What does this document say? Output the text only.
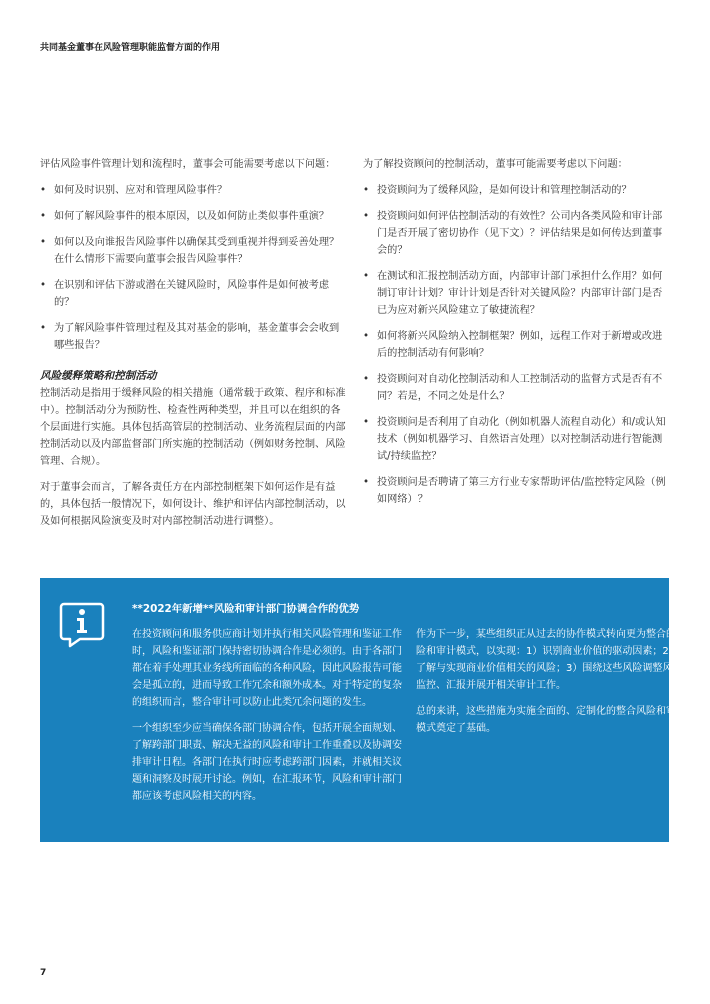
共同基金董事在风险管理职能监督方面的作用

评估风险事件管理计划和流程时，董事会可能需要考虑以下问题：

• 如何及时识别、应对和管理风险事件？
• 如何了解风险事件的根本原因，以及如何防止类似事件重演？
• 如何以及向谁报告风险事件以确保其受到重视并得到妥善处理？在什么情形下需要向董事会报告风险事件？
• 在识别和评估下游或潜在关键风险时，风险事件是如何被考虑的？
• 为了解风险事件管理过程及其对基金的影响，基金董事会会收到哪些报告？
风险缓释策略和控制活动

控制活动是指用于缓释风险的相关措施（通常载于政策、程序和标准中）。控制活动分为预防性、检查性两种类型，并且可以在组织的各个层面进行实施。具体包括高管层的控制活动、业务流程层面的内部控制活动以及内部监督部门所实施的控制活动（例如财务控制、风险管理、合规）。

对于董事会而言，了解各责任方在内部控制框架下如何运作是有益的，具体包括一般情况下，如何设计、维护和评估内部控制活动，以及如何根据风险演变及时对内部控制活动进行调整）。

为了解投资顾问的控制活动，董事可能需要考虑以下问题：

• 投资顾问为了缓释风险，是如何设计和管理控制活动的？
• 投资顾问如何评估控制活动的有效性？公司内各类风险和审计部门是否开展了密切协作（见下文）？评估结果是如何传达到董事会的？
• 在测试和汇报控制活动方面，内部审计部门承担什么作用？如何制订审计计划？审计计划是否针对关键风险？内部审计部门是否已为应对新兴风险建立了敏捷流程？
• 如何将新兴风险纳入控制框架？例如，远程工作对于新增或改进后的控制活动有何影响？
• 投资顾问对自动化控制活动和人工控制活动的监督方式是否有不同？若是，不同之处是什么？
• 投资顾问是否利用了自动化（例如机器人流程自动化）和/或认知技术（例如机器学习、自然语言处理）以对控制活动进行智能测试/持续监控？
• 投资顾问是否聘请了第三方行业专家帮助评估/监控特定风险（例如网络）？
**2022年新增**风险和审计部门协调合作的优势

在投资顾问和服务供应商计划并执行相关风险管理和鉴证工作时，风险和鉴证部门保持密切协调合作是必须的。由于各部门都在着手处理其业务线所面临的各种风险，因此风险报告可能会是孤立的，进而导致工作冗余和额外成本。对于特定的复杂的组织而言，整合审计可以防止此类冗余问题的发生。

一个组织至少应当确保各部门协调合作，包括开展全面规划、了解跨部门职责、解决无益的风险和审计工作重叠以及协调安排审计日程。各部门在执行时应考虑跨部门因素，并就相关议题和洞察及时展开讨论。例如，在汇报环节，风险和审计部门都应该考虑风险相关的内容。

作为下一步，某些组织正从过去的协作模式转向更为整合的风险和审计模式，以实现：1）识别商业价值的驱动因素；2）了解与实现商业价值相关的风险；3）围绕这些风险调整风险监控、汇报并展开相关审计工作。

总的来讲，这些措施为实施全面的、定制化的整合风险和审计模式奠定了基础。

7
